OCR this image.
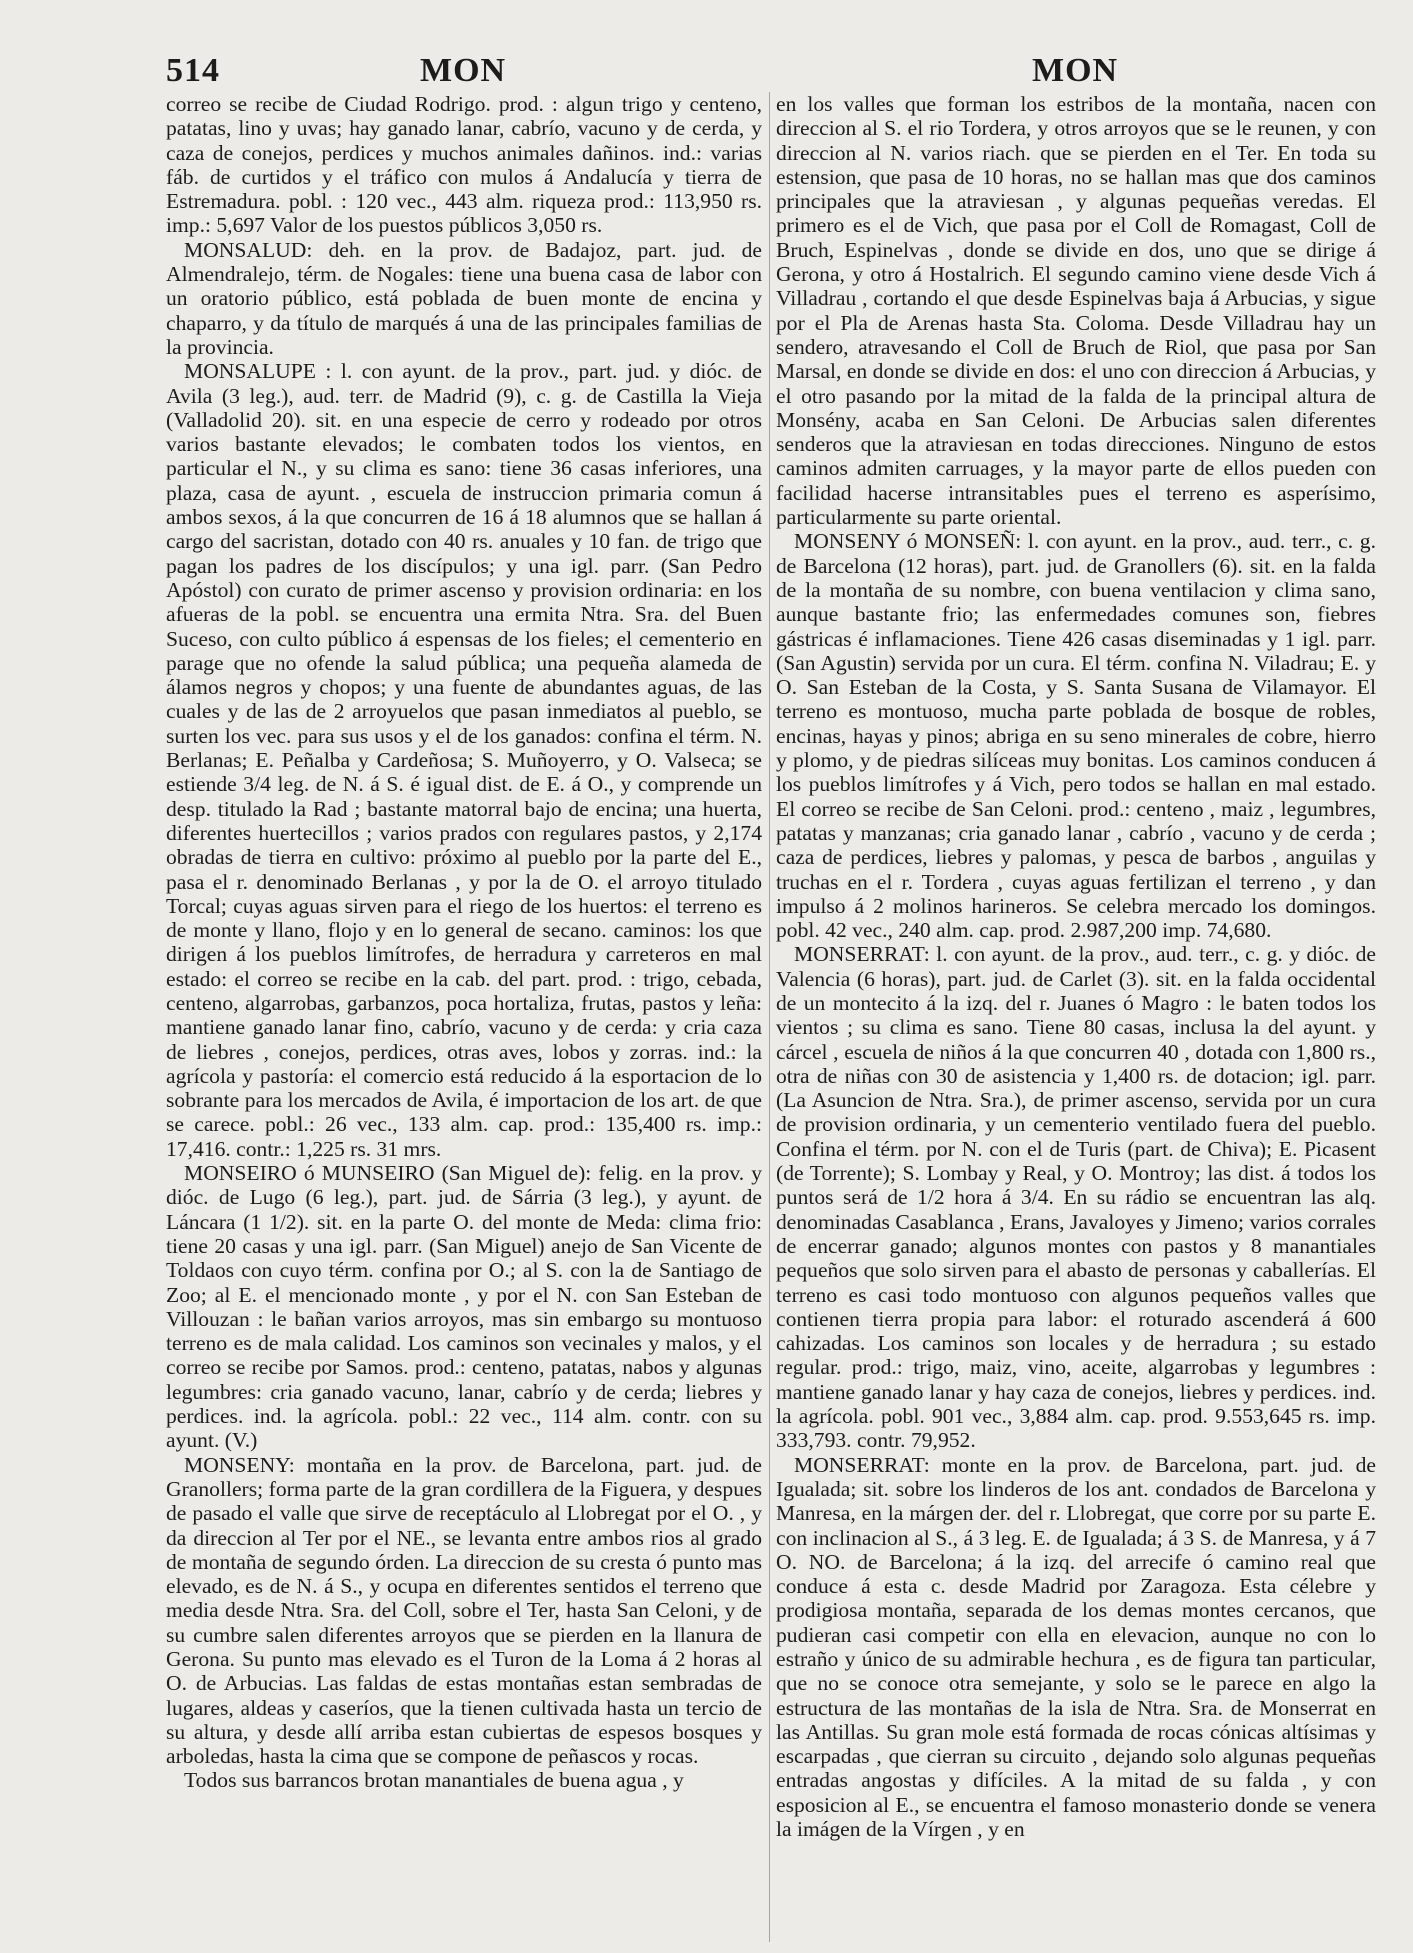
514	MON	MON

correo se recibe de Ciudad Rodrigo. prod. : algun trigo y centeno, patatas, lino y uvas; hay ganado lanar, cabrío, vacuno y de cerda, y caza de conejos, perdices y muchos animales dañinos. ind.: varias fáb. de curtidos y el tráfico con mulos á Andalucía y tierra de Estremadura. pobl. : 120 vec., 443 alm. riqueza prod.: 113,950 rs. imp.: 5,697 Valor de los puestos públicos 3,050 rs.

MONSALUD: deh. en la prov. de Badajoz, part. jud. de Almendralejo, térm. de Nogales: tiene una buena casa de labor con un oratorio público, está poblada de buen monte de encina y chaparro, y da título de marqués á una de las principales familias de la provincia.

MONSALUPE : l. con ayunt. de la prov., part. jud. y dióc. de Avila (3 leg.), aud. terr. de Madrid (9), c. g. de Castilla la Vieja (Valladolid 20). sit. en una especie de cerro y rodeado por otros varios bastante elevados; le combaten todos los vientos, en particular el N., y su clima es sano: tiene 36 casas inferiores, una plaza, casa de ayunt. , escuela de instruccion primaria comun á ambos sexos, á la que concurren de 16 á 18 alumnos que se hallan á cargo del sacristan, dotado con 40 rs. anuales y 10 fan. de trigo que pagan los padres de los discípulos; y una igl. parr. (San Pedro Apóstol) con curato de primer ascenso y provision ordinaria: en los afueras de la pobl. se encuentra una ermita Ntra. Sra. del Buen Suceso, con culto público á espensas de los fieles; el cementerio en parage que no ofende la salud pública; una pequeña alameda de álamos negros y chopos; y una fuente de abundantes aguas, de las cuales y de las de 2 arroyuelos que pasan inmediatos al pueblo, se surten los vec. para sus usos y el de los ganados: confina el térm. N. Berlanas; E. Peñalba y Cardeñosa; S. Muñoyerro, y O. Valseca; se estiende 3/4 leg. de N. á S. é igual dist. de E. á O., y comprende un desp. titulado la Rad ; bastante matorral bajo de encina; una huerta, diferentes huertecillos ; varios prados con regulares pastos, y 2,174 obradas de tierra en cultivo: próximo al pueblo por la parte del E., pasa el r. denominado Berlanas , y por la de O. el arroyo titulado Torcal; cuyas aguas sirven para el riego de los huertos: el terreno es de monte y llano, flojo y en lo general de secano. caminos: los que dirigen á los pueblos limítrofes, de herradura y carreteros en mal estado: el correo se recibe en la cab. del part. prod. : trigo, cebada, centeno, algarrobas, garbanzos, poca hortaliza, frutas, pastos y leña: mantiene ganado lanar fino, cabrío, vacuno y de cerda: y cria caza de liebres , conejos, perdices, otras aves, lobos y zorras. ind.: la agrícola y pastoría: el comercio está reducido á la esportacion de lo sobrante para los mercados de Avila, é importacion de los art. de que se carece. pobl.: 26 vec., 133 alm. cap. prod.: 135,400 rs. imp.: 17,416. contr.: 1,225 rs. 31 mrs.

MONSEIRO ó MUNSEIRO (San Miguel de): felig. en la prov. y dióc. de Lugo (6 leg.), part. jud. de Sárria (3 leg.), y ayunt. de Láncara (1 1/2). sit. en la parte O. del monte de Meda: clima frio: tiene 20 casas y una igl. parr. (San Miguel) anejo de San Vicente de Toldaos con cuyo térm. confina por O.; al S. con la de Santiago de Zoo; al E. el mencionado monte , y por el N. con San Esteban de Villouzan : le bañan varios arroyos, mas sin embargo su montuoso terreno es de mala calidad. Los caminos son vecinales y malos, y el correo se recibe por Samos. prod.: centeno, patatas, nabos y algunas legumbres: cria ganado vacuno, lanar, cabrío y de cerda; liebres y perdices. ind. la agrícola. pobl.: 22 vec., 114 alm. contr. con su ayunt. (V.)

MONSENY: montaña en la prov. de Barcelona, part. jud. de Granollers; forma parte de la gran cordillera de la Figuera, y despues de pasado el valle que sirve de receptáculo al Llobregat por el O. , y da direccion al Ter por el NE., se levanta entre ambos rios al grado de montaña de segundo órden. La direccion de su cresta ó punto mas elevado, es de N. á S., y ocupa en diferentes sentidos el terreno que media desde Ntra. Sra. del Coll, sobre el Ter, hasta San Celoni, y de su cumbre salen diferentes arroyos que se pierden en la llanura de Gerona. Su punto mas elevado es el Turon de la Loma á 2 horas al O. de Arbucias. Las faldas de estas montañas estan sembradas de lugares, aldeas y caseríos, que la tienen cultivada hasta un tercio de su altura, y desde allí arriba estan cubiertas de espesos bosques y arboledas, hasta la cima que se compone de peñascos y rocas.

Todos sus barrancos brotan manantiales de buena agua , y

en los valles que forman los estribos de la montaña, nacen con direccion al S. el rio Tordera, y otros arroyos que se le reunen, y con direccion al N. varios riach. que se pierden en el Ter. En toda su estension, que pasa de 10 horas, no se hallan mas que dos caminos principales que la atraviesan , y algunas pequeñas veredas. El primero es el de Vich, que pasa por el Coll de Romagast, Coll de Bruch, Espinelvas , donde se divide en dos, uno que se dirige á Gerona, y otro á Hostalrich. El segundo camino viene desde Vich á Villadrau , cortando el que desde Espinelvas baja á Arbucias, y sigue por el Pla de Arenas hasta Sta. Coloma. Desde Villadrau hay un sendero, atravesando el Coll de Bruch de Riol, que pasa por San Marsal, en donde se divide en dos: el uno con direccion á Arbucias, y el otro pasando por la mitad de la falda de la principal altura de Monsény, acaba en San Celoni. De Arbucias salen diferentes senderos que la atraviesan en todas direcciones. Ninguno de estos caminos admiten carruages, y la mayor parte de ellos pueden con facilidad hacerse intransitables pues el terreno es asperísimo, particularmente su parte oriental.

MONSENY ó MONSEÑ: l. con ayunt. en la prov., aud. terr., c. g. de Barcelona (12 horas), part. jud. de Granollers (6). sit. en la falda de la montaña de su nombre, con buena ventilacion y clima sano, aunque bastante frio; las enfermedades comunes son, fiebres gástricas é inflamaciones. Tiene 426 casas diseminadas y 1 igl. parr. (San Agustin) servida por un cura. El térm. confina N. Viladrau; E. y O. San Esteban de la Costa, y S. Santa Susana de Vilamayor. El terreno es montuoso, mucha parte poblada de bosque de robles, encinas, hayas y pinos; abriga en su seno minerales de cobre, hierro y plomo, y de piedras silíceas muy bonitas. Los caminos conducen á los pueblos limítrofes y á Vich, pero todos se hallan en mal estado. El correo se recibe de San Celoni. prod.: centeno , maiz , legumbres, patatas y manzanas; cria ganado lanar , cabrío , vacuno y de cerda ; caza de perdices, liebres y palomas, y pesca de barbos , anguilas y truchas en el r. Tordera , cuyas aguas fertilizan el terreno , y dan impulso á 2 molinos harineros. Se celebra mercado los domingos. pobl. 42 vec., 240 alm. cap. prod. 2.987,200 imp. 74,680.

MONSERRAT: l. con ayunt. de la prov., aud. terr., c. g. y dióc. de Valencia (6 horas), part. jud. de Carlet (3). sit. en la falda occidental de un montecito á la izq. del r. Juanes ó Magro : le baten todos los vientos ; su clima es sano. Tiene 80 casas, inclusa la del ayunt. y cárcel , escuela de niños á la que concurren 40 , dotada con 1,800 rs., otra de niñas con 30 de asistencia y 1,400 rs. de dotacion; igl. parr. (La Asuncion de Ntra. Sra.), de primer ascenso, servida por un cura de provision ordinaria, y un cementerio ventilado fuera del pueblo. Confina el térm. por N. con el de Turis (part. de Chiva); E. Picasent (de Torrente); S. Lombay y Real, y O. Montroy; las dist. á todos los puntos será de 1/2 hora á 3/4. En su rádio se encuentran las alq. denominadas Casablanca , Erans, Javaloyes y Jimeno; varios corrales de encerrar ganado; algunos montes con pastos y 8 manantiales pequeños que solo sirven para el abasto de personas y caballerías. El terreno es casi todo montuoso con algunos pequeños valles que contienen tierra propia para labor: el roturado ascenderá á 600 cahizadas. Los caminos son locales y de herradura ; su estado regular. prod.: trigo, maiz, vino, aceite, algarrobas y legumbres : mantiene ganado lanar y hay caza de conejos, liebres y perdices. ind. la agrícola. pobl. 901 vec., 3,884 alm. cap. prod. 9.553,645 rs. imp. 333,793. contr. 79,952.

MONSERRAT: monte en la prov. de Barcelona, part. jud. de Igualada; sit. sobre los linderos de los ant. condados de Barcelona y Manresa, en la márgen der. del r. Llobregat, que corre por su parte E. con inclinacion al S., á 3 leg. E. de Igualada; á 3 S. de Manresa, y á 7 O. NO. de Barcelona; á la izq. del arrecife ó camino real que conduce á esta c. desde Madrid por Zaragoza. Esta célebre y prodigiosa montaña, separada de los demas montes cercanos, que pudieran casi competir con ella en elevacion, aunque no con lo estraño y único de su admirable hechura , es de figura tan particular, que no se conoce otra semejante, y solo se le parece en algo la estructura de las montañas de la isla de Ntra. Sra. de Monserrat en las Antillas. Su gran mole está formada de rocas cónicas altísimas y escarpadas , que cierran su circuito , dejando solo algunas pequeñas entradas angostas y difíciles. A la mitad de su falda , y con esposicion al E., se encuentra el famoso monasterio donde se venera la imágen de la Vírgen , y en
